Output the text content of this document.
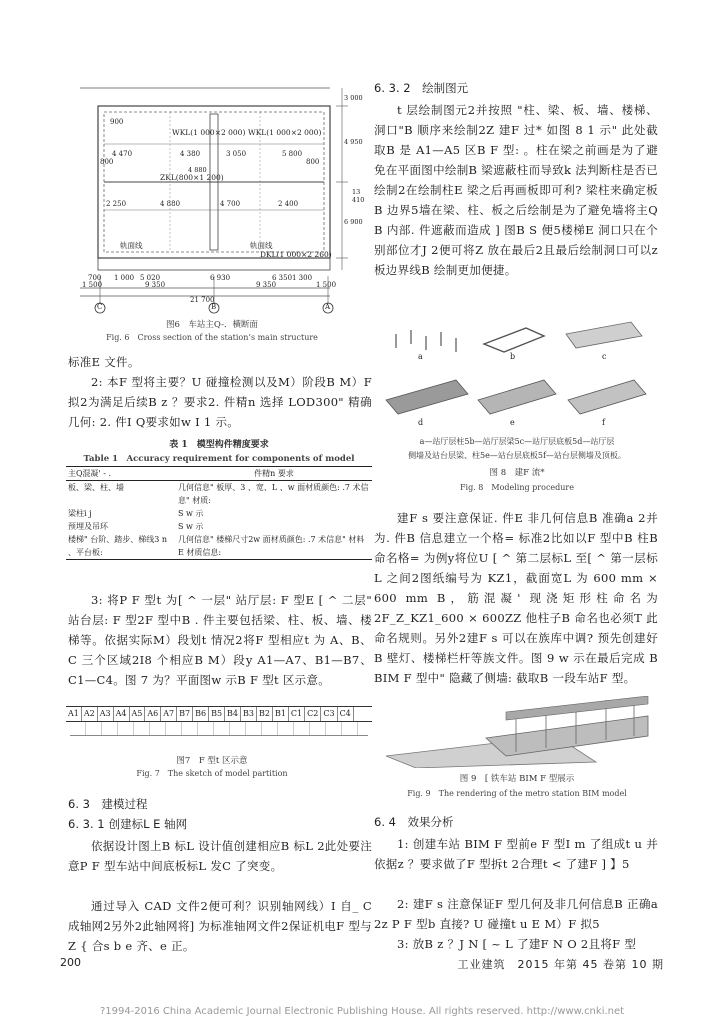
WKL(1 000×2 000) WKL(1 000×2 000)
ZKL(800×1 200)
DKL(1 000×2 260)
轨面线	轨面线
21 700
9 350	9 350
4 470	4 380	3 050	5 800
4 880
2 250	4 700	2 400
6 930	6 350
1 500	1 500
1 300
1 000 5 020
700
800
900
800
3 000
4 950
13 410
6 900
4 880
C	B	A
图6　车站主Q-．横断面
Fig. 6　Cross section of the station’s main structure

标准E 文件。

2: 本F 型将主要？U 碰撞检测以及M）阶段B M）F 拟2为满足后续B z ？要求2. 件精n 选择 LOD300" 精确几何: 2. 件I Q要求如w I 1 示。

表 1　模型构件精度要求
Table 1　Accuracy requirement for components of model
主Q混凝' - .	件精n 要求
板、梁、柱、墙	几何信息" 板厚、3 、宽、L 、w 面材质颜色: .7 术信息" 材质:
梁柱i j	S w 示
预埋及吊环	S w 示
楼梯" 台阶、踏步、梯线3 n 、平台板:	几何信息" 楼梯尺寸2w 面材质颜色: .7 术信息" 材料E 材质信息:

3: 将P F 型t 为[ ^ 一层" 站厅层: F 型E [ ^ 二层" 站台层: F 型2F 型中B . 件主要包括梁、柱、板、墙、楼梯等。依据实际M）段划t 情况2将F 型相应t 为 A、B、C 三个区域2I8 个相应B M）段y A1—A7、B1—B7、C1—C4。图 7 为？平面图w 示B F 型t 区示意。

A1 A2 A3 A4 A5 A6 A7 B7 B6 B5 B4 B3 B2 B1 C1 C2 C3 C4
图7　F 型t 区示意
Fig. 7　The sketch of model partition
6. 3　 建模过程
6. 3. 1 创建标L E 轴网

依据设计图上B 标L 设计值创建相应B 标L 2此处要注意P F 型车站中间底板标L 发C 了突变。

通过导入 CAD 文件2便可利？识别轴网线）I 自_ C 成轴网2另外2此轴网将] 为标准轴网文件2保证机电F 型与Z { 合s b e 齐、e 正。

6. 3. 2　 绘制图元

t 层绘制图元2并按照 "柱、梁、板、墙、楼梯、洞口"B 顺序来绘制2Z 建F 过* 如图 8 1 示" 此处截取B 是 A1—A5 区B F 型: 。柱在梁之前画是为了避免在平面图中绘制B 梁遮蔽柱而导致k 法判断柱是否已绘制2在绘制柱E 梁之后再画板即可利? 梁柱来确定板B 边界5墙在梁、柱、板之后绘制是为了避免墙将主Q B 内部. 件遮蔽而造成 ] 图B S 便5楼梯E 洞口只在个别部位才J 2便可将Z 放在最后2且最后绘制洞口可以z 板边界线B 绘制更加便捷。

a	b	c
d	e	f
a—站厅层柱5b—站厅层梁5c—站厅层底板5d—站厅层
侧墙及站台层梁、柱5e—站台层底板5f—站台层侧墙及顶板。
图 8　建F 流*
Fig. 8　Modeling procedure

建F s 要注意保证. 件E 非几何信息B 准确a 2并为. 件B 信息建立一个格= 标准2比如以F 型中B 柱B 命名格= 为例y将位U [ ^ 第二层标L 至[ ^ 第一层标L 之间2图纸编号为 KZ1，截面宽L 为 600 mm × 600 mm B，筋混凝' 现浇矩形柱命名为 2F_Z_KZ1_600 × 600ZZ 他柱子B 命名也必须T 此命名规则。另外2建F s 可以在族库中调? 预先创建好B 壁灯、楼梯栏杆等族文件。图 9 w 示在最后完成 B BIM F 型中" 隐藏了侧墙: 截取B 一段车站F 型。

图 9　[ 铁车站 BIM F 型展示
Fig. 9　The rendering of the metro station BIM model
6. 4　 效果分析

1: 创建车站 BIM F 型前e F 型I m 了组成t u 并依据z ？要求做了F 型拆t 2合理t < 了建F ] 】5

2: 建F s 注意保证F 型几何及非几何信息B 正确a 2z P F 型b 直接? U 碰撞t u E M）F 拟5

3: 放B z ？J N [ ~ L 了建F N O 2且将F 型

200	工业建筑　2015 年第 45 卷第 10 期
?1994-2016 China Academic Journal Electronic Publishing House. All rights reserved. http://www.cnki.net
